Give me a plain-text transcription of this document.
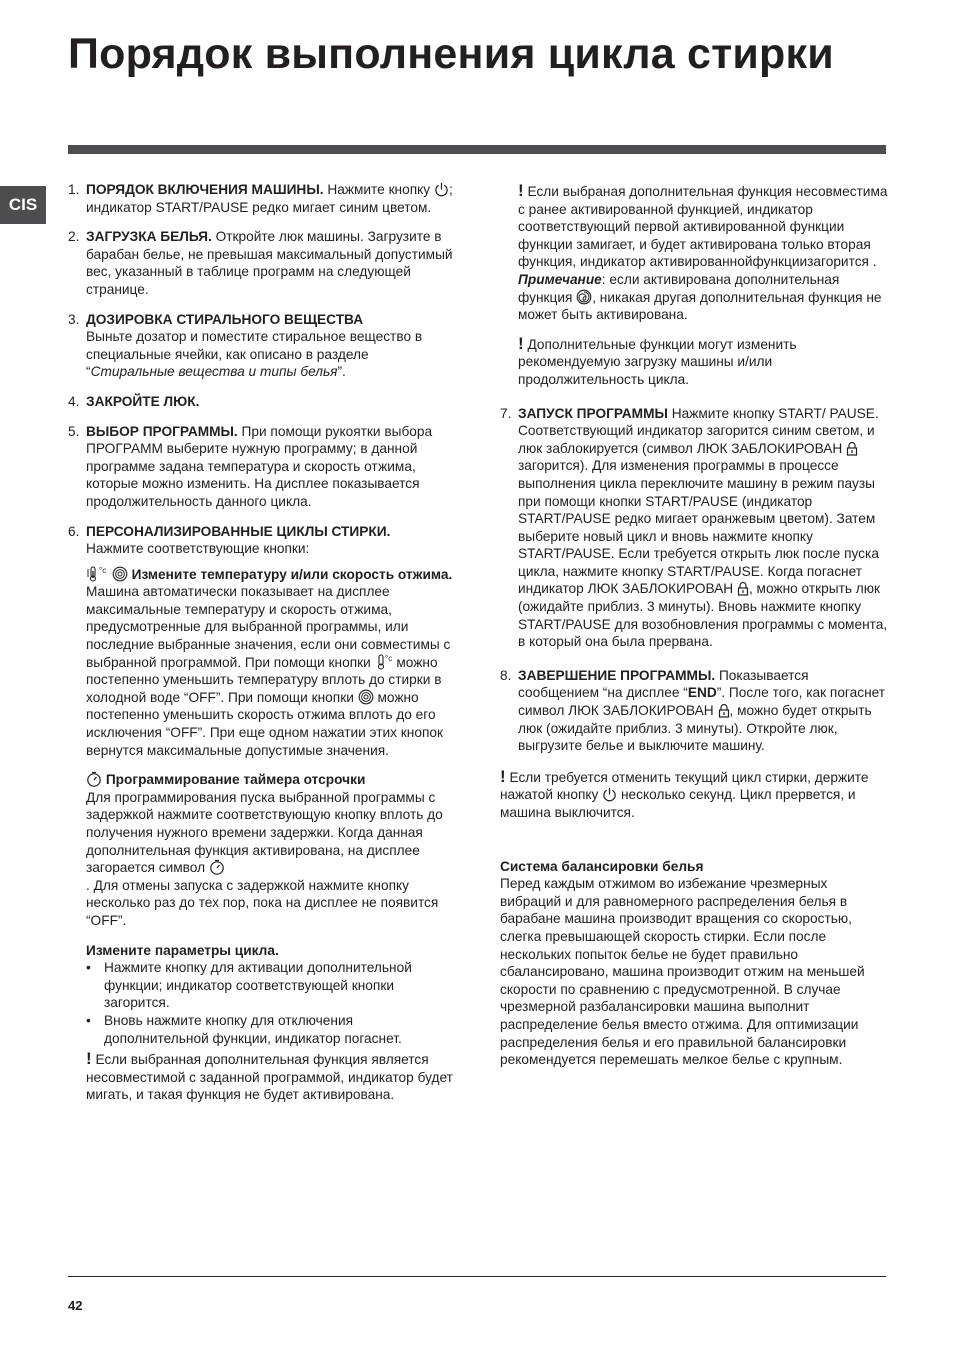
Порядок выполнения цикла стирки
CIS
1. ПОРЯДОК ВКЛЮЧЕНИЯ МАШИНЫ. Нажмите кнопку
; индикатор START/PAUSE редко мигает синим цветом.
2. ЗАГРУЗКА БЕЛЬЯ. Откройте люк машины. Загрузите в барабан белье, не превышая максимальный допустимый вес, указанный в таблице программ на следующей странице.
3. ДОЗИРОВКА СТИРАЛЬНОГО ВЕЩЕСТВА
Выньте дозатор и поместите стиральное вещество в специальные ячейки, как описано в разделе “Стиральные вещества и типы белья”.
4. ЗАКРОЙТЕ ЛЮК.
5. ВЫБОР ПРОГРАММЫ. При помощи рукоятки выбора ПРОГРАММ выберите нужную программу; в данной программе задана температура и скорость отжима, которые можно изменить. На дисплее показывается продолжительность данного цикла.
6. ПЕРСОНАЛИЗИРОВАННЫЕ ЦИКЛЫ СТИРКИ.
Нажмите соответствующие кнопки:
°c
Измените температуру и/или скорость отжима. Машина автоматически показывает на дисплее максимальные температуру и скорость отжима, предусмотренные для выбранной программы, или последние выбранные значения, если они совместимы с выбранной программой. При помощи кнопки °c можно постепенно уменьшить температуру вплоть до стирки в холодной воде “OFF”. При помощи кнопки
можно постепенно уменьшить скорость отжима вплоть до его исключения “OFF”. При еще одном нажатии этих кнопок вернутся максимальные допустимые значения.
Программирование таймера отсрочки
Для программирования пуска выбранной программы с задержкой нажмите соответствующую кнопку вплоть до получения нужного времени задержки. Когда данная дополнительная функция активирована, на дисплее загорается символ

. Для отмены запуска с задержкой нажмите кнопку несколько раз до тех пор, пока на дисплее не появится “OFF”.
Измените параметры цикла.
• Нажмите кнопку для активации дополнительной функции; индикатор соответствующей кнопки загорится.
• Вновь нажмите кнопку для отключения дополнительной функции, индикатор погаснет.
! Если выбранная дополнительная функция является несовместимой с заданной программой, индикатор будет мигать, и такая функция не будет активирована.
! Если выбраная дополнительная функция несовместима с ранее активированной функцией, индикатор соответствующий первой активированной функции функции замигает, и будет активирована только вторая функция, индикатор активированнойфункциизагорится .
Примечание: если активирована дополнительная функция
, никакая другая дополнительная функция не может быть активирована.
! Дополнительные функции могут изменить рекомендуемую загрузку машины и/или продолжительность цикла.
7. ЗАПУСК ПРОГРАММЫ Нажмите кнопку START/ PAUSE. Соответствующий индикатор загорится синим светом, и люк заблокируется (символ ЛЮК ЗАБЛОКИРОВАН
загорится). Для изменения программы в процессе выполнения цикла переключите машину в режим паузы при помощи кнопки START/PAUSE (индикатор START/PAUSE редко мигает оранжевым цветом). Затем выберите новый цикл и вновь нажмите кнопку START/PAUSE. Если требуется открыть люк после пуска цикла, нажмите кнопку START/PAUSE. Когда погаснет индикатор ЛЮК ЗАБЛОКИРОВАН
, можно открыть люк (ожидайте приблиз. 3 минуты). Вновь нажмите кнопку START/PAUSE для возобновления программы с момента, в который она была прервана.
8. ЗАВЕРШЕНИЕ ПРОГРАММЫ. Показывается сообщением “на дисплее “END”. После того, как погаснет символ ЛЮК ЗАБЛОКИРОВАН
, можно будет открыть люк (ожидайте приблиз. 3 минуты). Откройте люк, выгрузите белье и выключите машину.
! Если требуется отменить текущий цикл стирки, держите нажатой кнопку
несколько секунд. Цикл прервется, и машина выключится.
Система балансировки белья
Перед каждым отжимом во избежание чрезмерных вибраций и для равномерного распределения белья в барабане машина производит вращения со скоростью, слегка превышающей скорость стирки. Если после нескольких попыток белье не будет правильно сбалансировано, машина производит отжим на меньшей скорости по сравнению с предусмотренной. В случае чрезмерной разбалансировки машина выполнит распределение белья вместо отжима. Для оптимизации распределения белья и его правильной балансировки рекомендуется перемешать мелкое белье с крупным.
42
